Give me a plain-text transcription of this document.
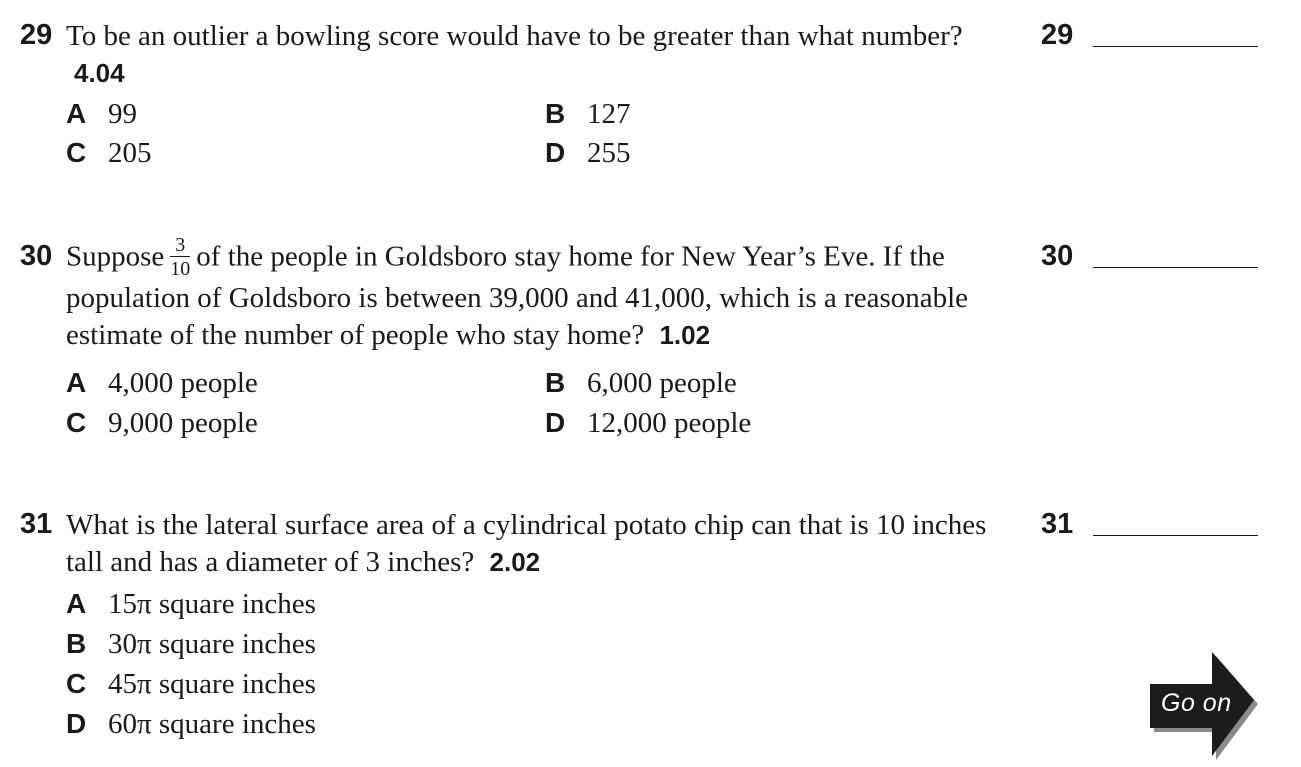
29 To be an outlier a bowling score would have to be greater than what number? 4.04
A 99	B 127
C 205	D 255
29
30 Suppose $\frac{3}{10}$ of the people in Goldsboro stay home for New Year’s Eve. If the population of Goldsboro is between 39,000 and 41,000, which is a reasonable estimate of the number of people who stay home? 1.02
A 4,000 people	B 6,000 people
C 9,000 people	D 12,000 people
30
31 What is the lateral surface area of a cylindrical potato chip can that is 10 inches tall and has a diameter of 3 inches? 2.02
A 15π square inches
B 30π square inches
C 45π square inches
D 60π square inches
31
Go on
